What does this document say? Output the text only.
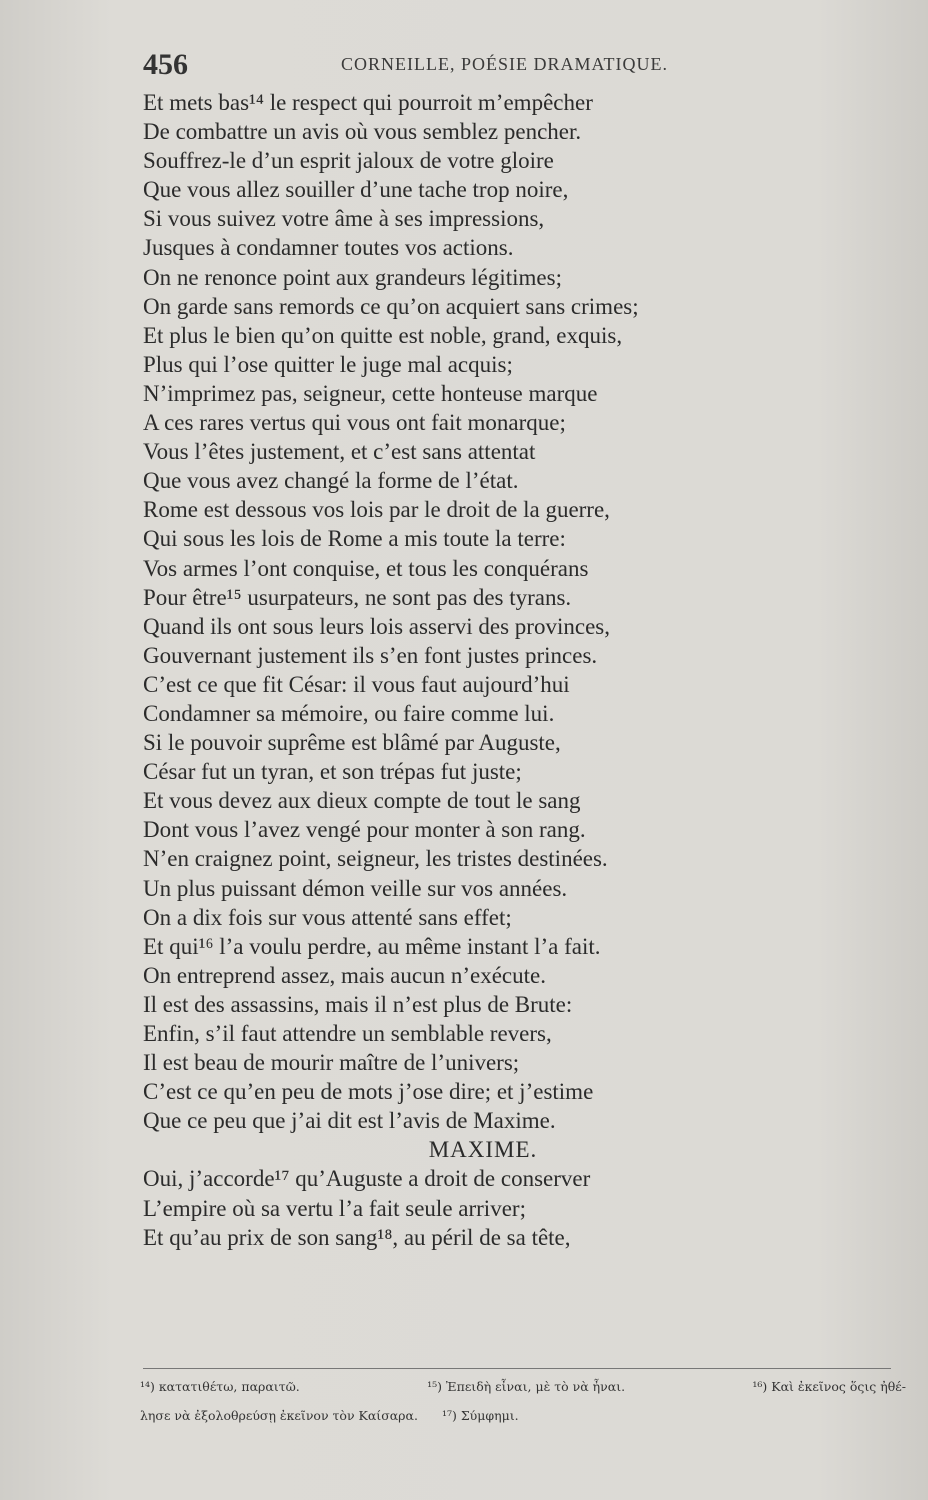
456	CORNEILLE, POÉSIE DRAMATIQUE.
Et mets bas¹⁴ le respect qui pourroit m’empêcher
De combattre un avis où vous semblez pencher.
Souffrez-le d’un esprit jaloux de votre gloire
Que vous allez souiller d’une tache trop noire,
Si vous suivez votre âme à ses impressions,
Jusques à condamner toutes vos actions.
On ne renonce point aux grandeurs légitimes;
On garde sans remords ce qu’on acquiert sans crimes;
Et plus le bien qu’on quitte est noble, grand, exquis,
Plus qui l’ose quitter le juge mal acquis;
N’imprimez pas, seigneur, cette honteuse marque
A ces rares vertus qui vous ont fait monarque;
Vous l’êtes justement, et c’est sans attentat
Que vous avez changé la forme de l’état.
Rome est dessous vos lois par le droit de la guerre,
Qui sous les lois de Rome a mis toute la terre:
Vos armes l’ont conquise, et tous les conquérans
Pour être¹⁵ usurpateurs, ne sont pas des tyrans.
Quand ils ont sous leurs lois asservi des provinces,
Gouvernant justement ils s’en font justes princes.
C’est ce que fit César: il vous faut aujourd’hui
Condamner sa mémoire, ou faire comme lui.
Si le pouvoir suprême est blâmé par Auguste,
César fut un tyran, et son trépas fut juste;
Et vous devez aux dieux compte de tout le sang
Dont vous l’avez vengé pour monter à son rang.
N’en craignez point, seigneur, les tristes destinées.
Un plus puissant démon veille sur vos années.
On a dix fois sur vous attenté sans effet;
Et qui¹⁶ l’a voulu perdre, au même instant l’a fait.
On entreprend assez, mais aucun n’exécute.
Il est des assassins, mais il n’est plus de Brute:
Enfin, s’il faut attendre un semblable revers,
Il est beau de mourir maître de l’univers;
C’est ce qu’en peu de mots j’ose dire; et j’estime
Que ce peu que j’ai dit est l’avis de Maxime.
MAXIME.
Oui, j’accorde¹⁷ qu’Auguste a droit de conserver
L’empire où sa vertu l’a fait seule arriver;
Et qu’au prix de son sang¹⁸, au péril de sa tête,
¹⁴) κατατιθέτω, παραιτῶ.	¹⁵) Ἐπειδὴ εἶναι, μὲ τὸ νὰ ἦναι.	¹⁶) Καὶ ἐκεῖνος ὅςις ἠθέ-
λησε νὰ ἐξολοθρεύσῃ ἐκεῖνον τὸν Καίσαρα. ¹⁷) Σύμφημι.
